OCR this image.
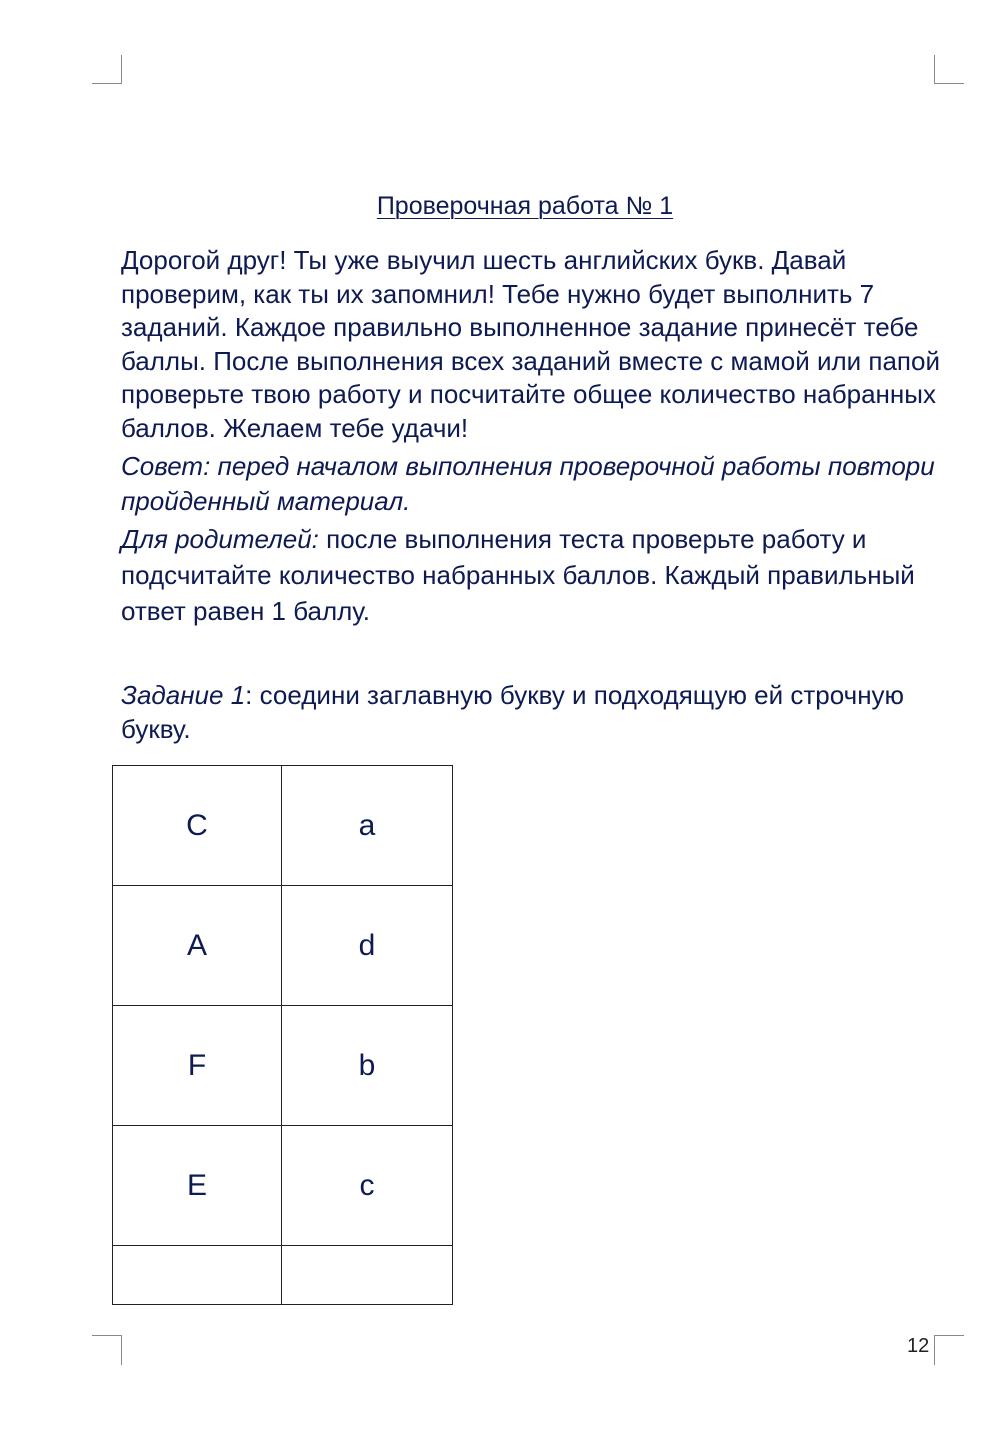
Проверочная работа № 1
Дорогой друг! Ты уже выучил шесть английских букв. Давай проверим, как ты их запомнил! Тебе нужно будет выполнить 7 заданий. Каждое правильно выполненное задание принесёт тебе баллы. После выполнения всех заданий вместе с мамой или папой проверьте твою работу и посчитайте общее количество набранных баллов. Желаем тебе удачи!
Совет: перед началом выполнения проверочной работы повтори пройденный материал.
Для родителей: после выполнения теста проверьте работу и подсчитайте количество набранных баллов. Каждый правильный ответ равен 1 баллу.
Задание 1: соедини заглавную букву и подходящую ей строчную букву.
C	a
A	d
F	b
E	c

12
